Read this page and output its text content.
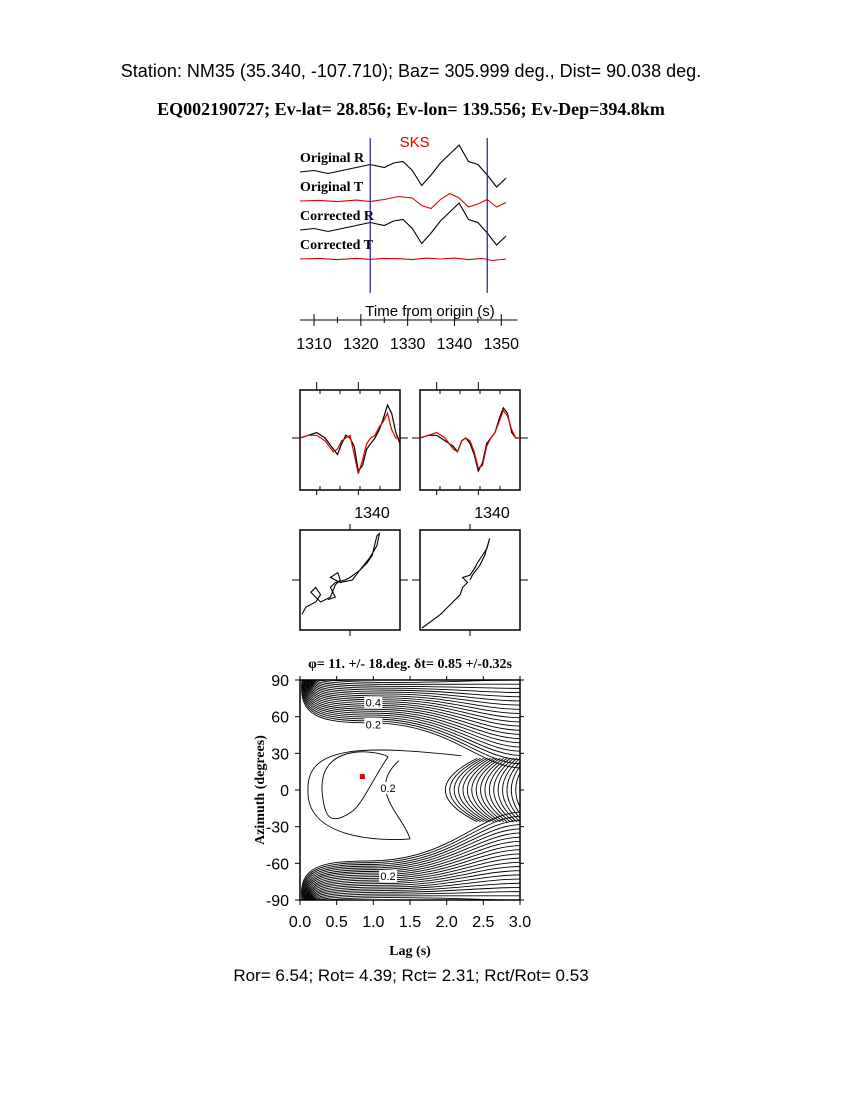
Station: NM35 (35.340, -107.710); Baz= 305.999 deg., Dist= 90.038 deg.
EQ002190727; Ev-lat= 28.856; Ev-lon= 139.556; Ev-Dep=394.8km
SKS
Original R
Original T
Corrected R
Corrected T
Time from origin (s)
1310 1320 1330 1340 1350
1340	1340
φ= 11. +/- 18.deg. δt= 0.85 +/-0.32s
Lag (s)
Azimuth (degrees)
0.4
0.2
0.2
0.2
0.0 0.5 1.0 1.5 2.0 2.5 3.0
90
60
30
0
-30
-60
-90
Ror= 6.54; Rot= 4.39; Rct= 2.31; Rct/Rot= 0.53
